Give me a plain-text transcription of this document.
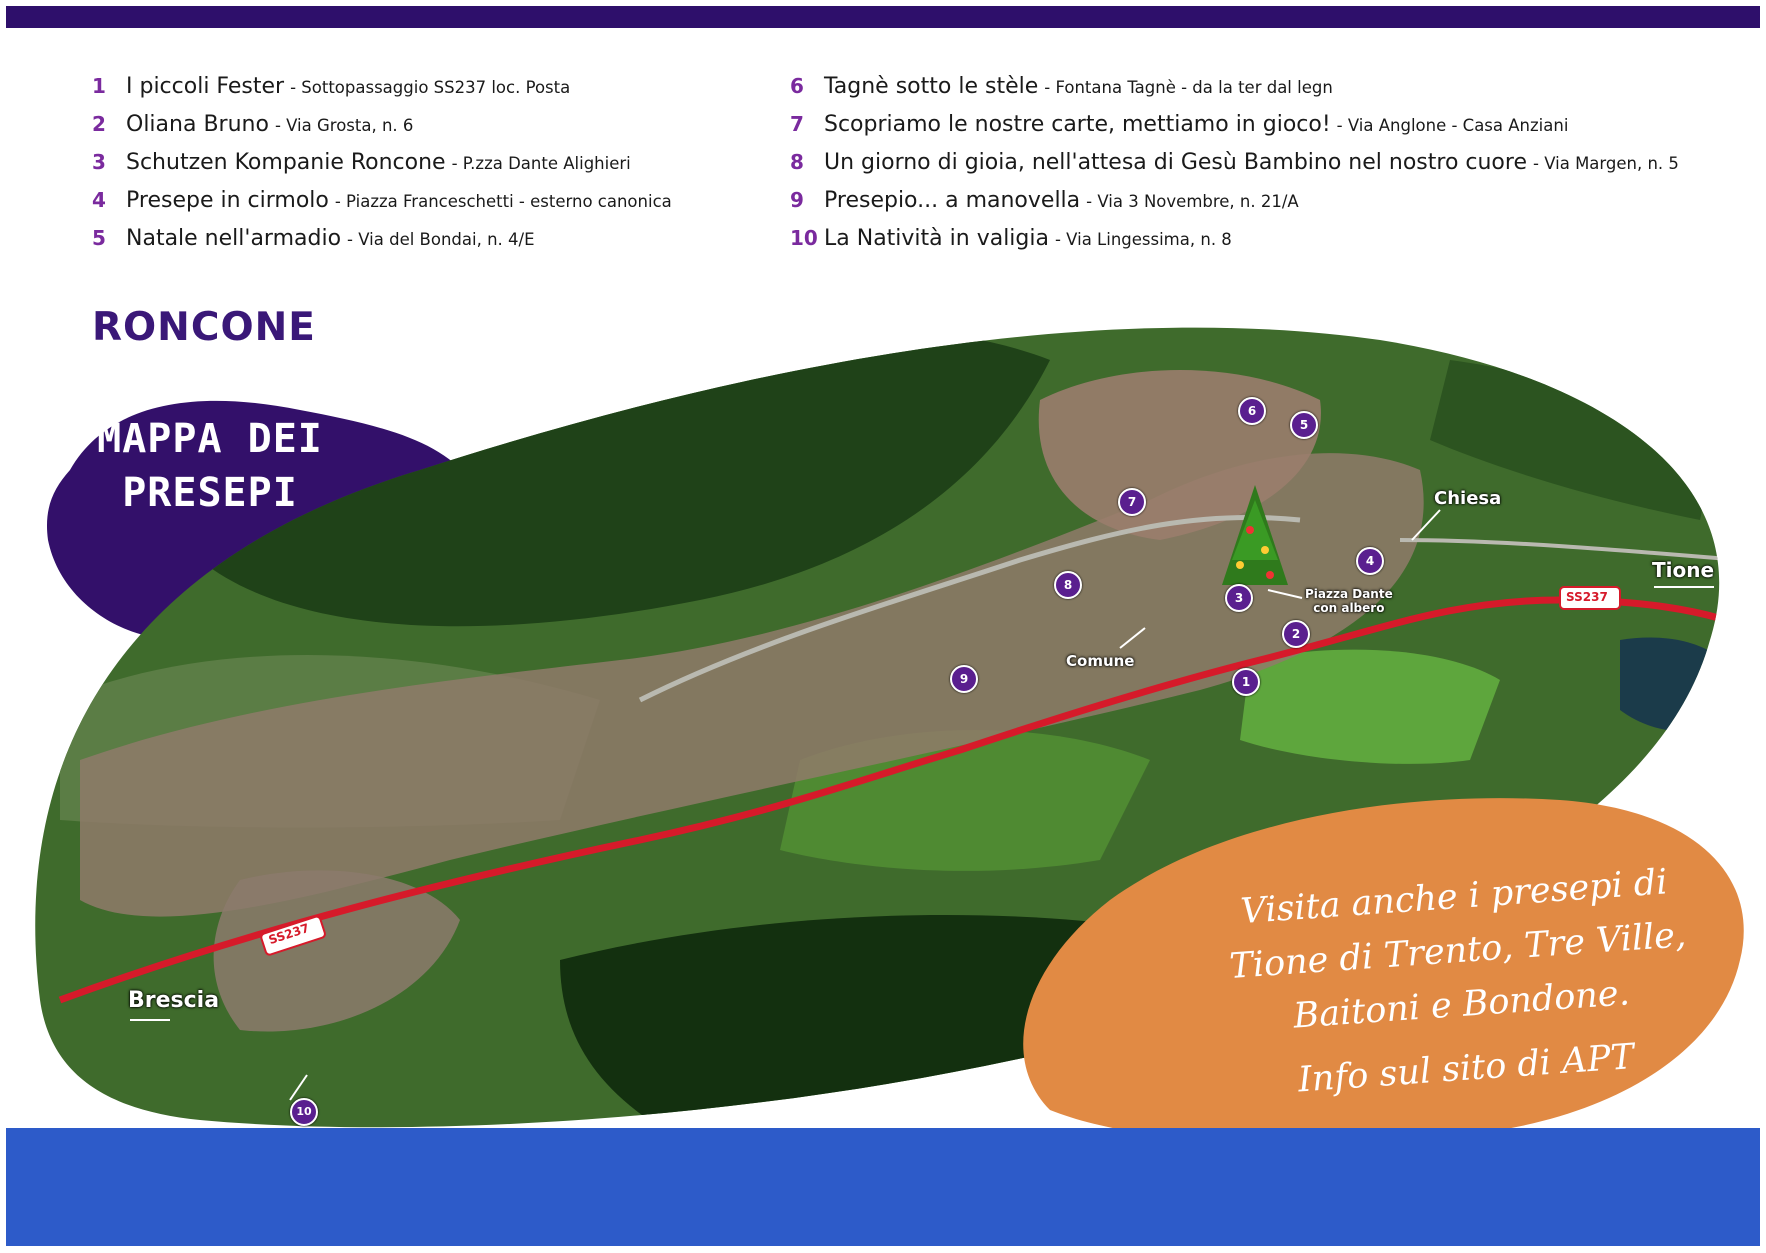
1 I piccoli Fester - Sottopassaggio SS237 loc. Posta
2 Oliana Bruno - Via Grosta, n. 6
3 Schutzen Kompanie Roncone - P.zza Dante Alighieri
4 Presepe in cirmolo - Piazza Franceschetti - esterno canonica
5 Natale nell'armadio - Via del Bondai, n. 4/E
6 Tagnè sotto le stèle - Fontana Tagnè - da la ter dal legn
7 Scopriamo le nostre carte, mettiamo in gioco! - Via Anglone - Casa Anziani
8 Un giorno di gioia, nell'attesa di Gesù Bambino nel nostro cuore - Via Margen, n. 5
9 Presepio... a manovella - Via 3 Novembre, n. 21/A
10 La Natività in valigia - Via Lingessima, n. 8
RONCONE
MAPPA DEI
PRESEPI
Visita anche i presepi di
Tione di Trento, Tre Ville,
Baitoni e Bondone.
Info sul sito di APT
Chiesa
Tione
Brescia
Comune
Piazza Dante
con albero
SS237
SS237
1
2
3
4
5
6
7
8
9
10
